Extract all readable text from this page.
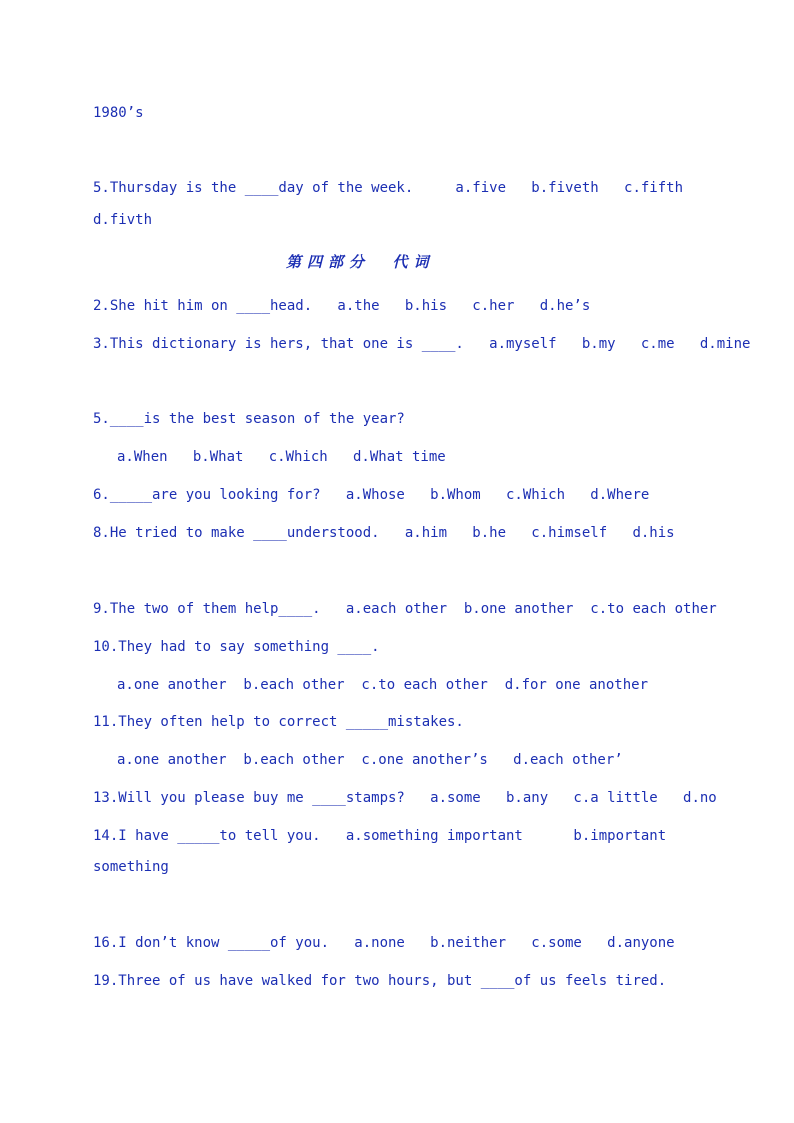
1980’s
5.Thursday is the ____day of the week.     a.five   b.fiveth   c.fifth
d.fivth
第四部分  代词
2.She hit him on ____head.   a.the   b.his   c.her   d.he’s
3.This dictionary is hers, that one is ____.   a.myself   b.my   c.me   d.mine
5.____is the best season of the year?
a.When   b.What   c.Which   d.What time
6._____are you looking for?   a.Whose   b.Whom   c.Which   d.Where
8.He tried to make ____understood.   a.him   b.he   c.himself   d.his
9.The two of them help____.   a.each other  b.one another  c.to each other
10.They had to say something ____.
a.one another  b.each other  c.to each other  d.for one another
11.They often help to correct _____mistakes.
a.one another  b.each other  c.one another’s   d.each other’
13.Will you please buy me ____stamps?   a.some   b.any   c.a little   d.no
14.I have _____to tell you.   a.something important      b.important
something
16.I don’t know _____of you.   a.none   b.neither   c.some   d.anyone
19.Three of us have walked for two hours, but ____of us feels tired.
